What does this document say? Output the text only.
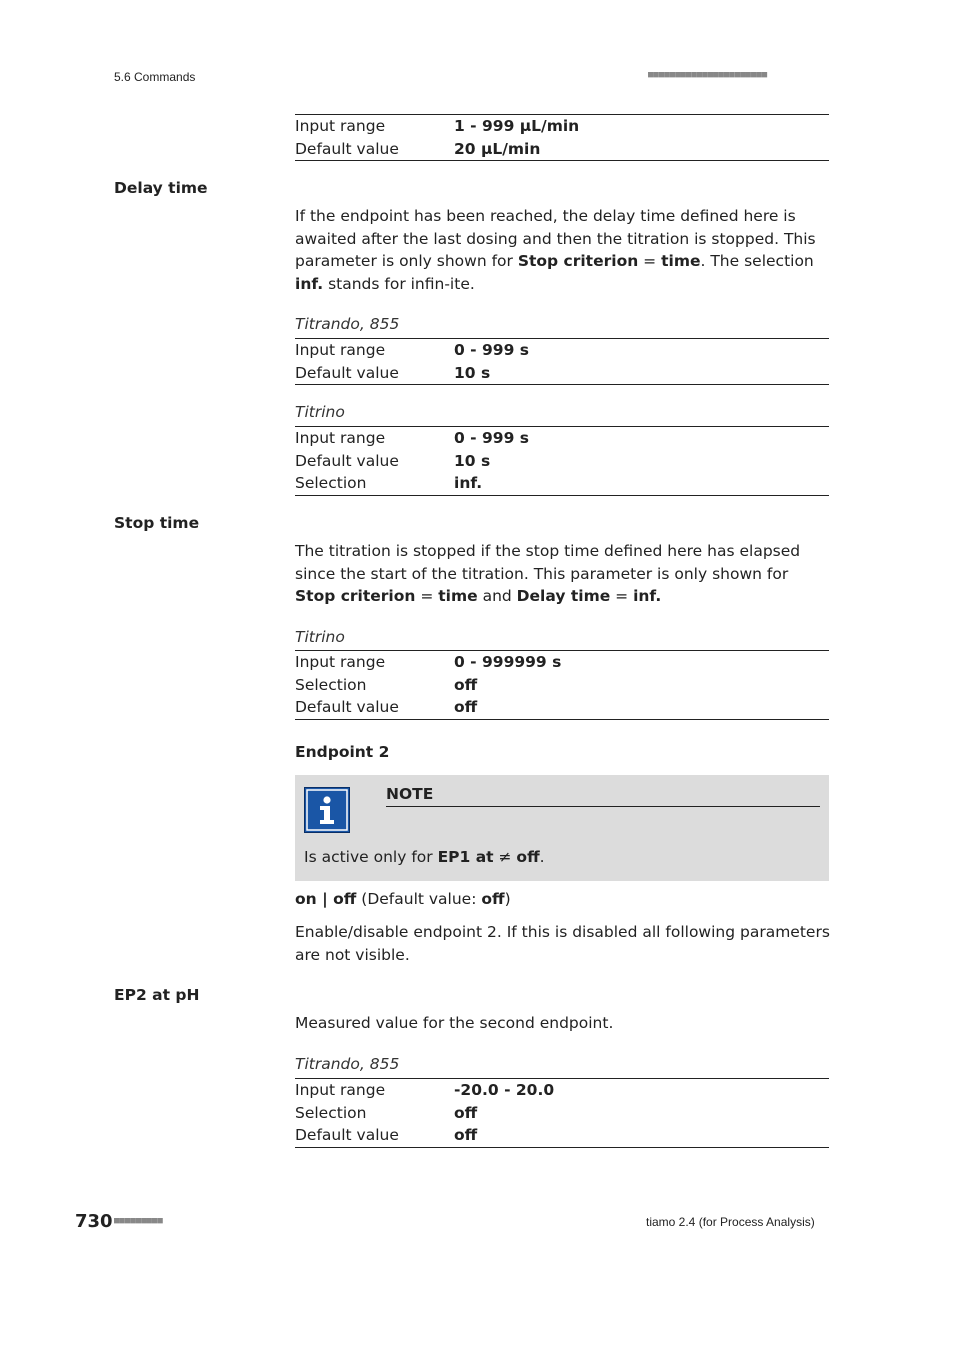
5.6 Commands	■■■■■■■■■■■■■■■■■■■■■■
Input range	1 - 999 µL/min
Default value	20 µL/min
Delay time
If the endpoint has been reached, the delay time defined here is awaited after the last dosing and then the titration is stopped. This parameter is only shown for Stop criterion = time. The selection inf. stands for infin-ite.
Titrando, 855
Input range	0 - 999 s
Default value	10 s
Titrino
Input range	0 - 999 s
Default value	10 s
Selection	inf.
Stop time
The titration is stopped if the stop time defined here has elapsed since the start of the titration. This parameter is only shown for Stop criterion = time and Delay time = inf.
Titrino
Input range	0 - 999999 s
Selection	off
Default value	off
Endpoint 2
NOTE
Is active only for EP1 at ≠ off.
on | off (Default value: off)
Enable/disable endpoint 2. If this is disabled all following parameters are not visible.
EP2 at pH
Measured value for the second endpoint.
Titrando, 855
Input range	-20.0 - 20.0
Selection	off
Default value	off
730 ■■■■■■■■■	tiamo 2.4 (for Process Analysis)
